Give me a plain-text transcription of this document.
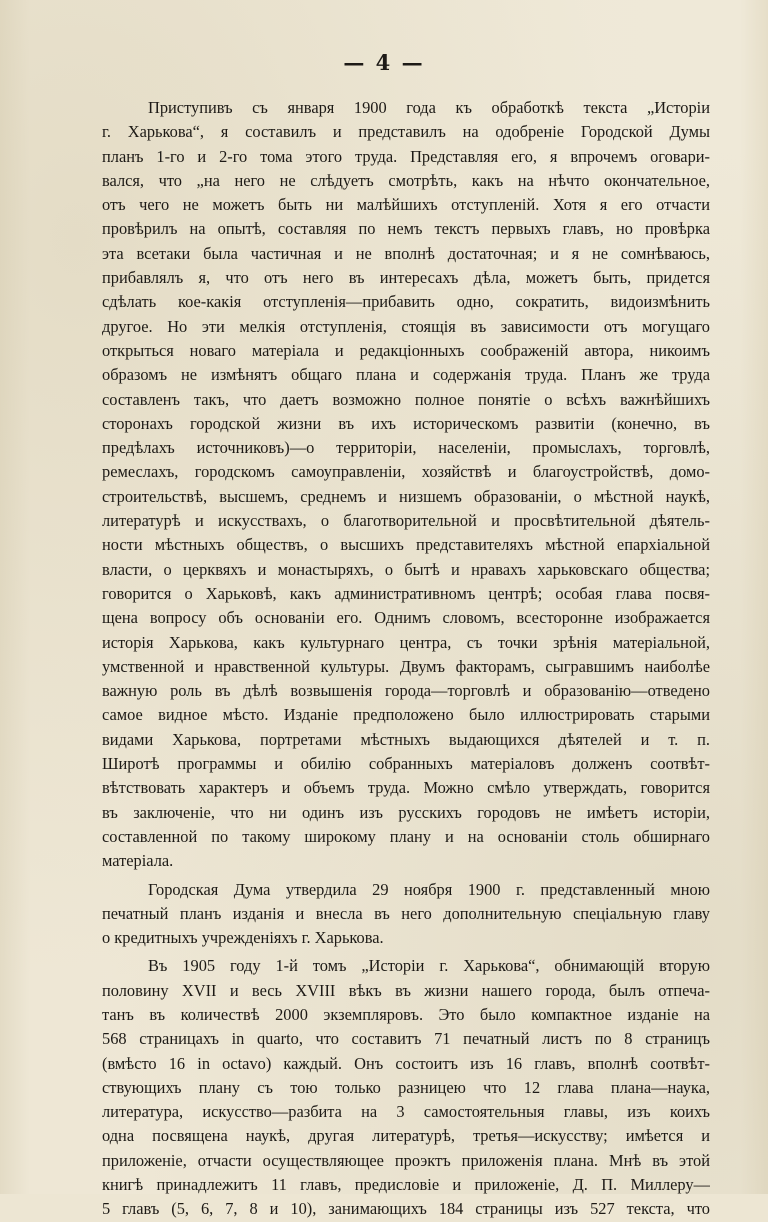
— 4 —
Приступивъ съ января 1900 года къ обработкѣ текста „Исторіи
г. Харькова“, я составилъ и представилъ на одобреніе Городской Думы
планъ 1-го и 2-го тома этого труда. Представляя его, я впрочемъ оговари-
вался, что „на него не слѣдуетъ смотрѣть, какъ на нѣчто окончательное,
отъ чего не можетъ быть ни малѣйшихъ отступленій. Хотя я его отчасти
провѣрилъ на опытѣ, составляя по немъ текстъ первыхъ главъ, но провѣрка
эта всетаки была частичная и не вполнѣ достаточная; и я не сомнѣваюсь,
прибавлялъ я, что отъ него въ интересахъ дѣла, можетъ быть, придется
сдѣлать кое-какія отступленія—прибавить одно, сократить, видоизмѣнить
другое. Но эти мелкія отступленія, стоящія въ зависимости отъ могущаго
открыться новаго матеріала и редакціонныхъ соображеній автора, никоимъ
образомъ не измѣнятъ общаго плана и содержанія труда. Планъ же труда
составленъ такъ, что даетъ возможно полное понятіе о всѣхъ важнѣйшихъ
сторонахъ городской жизни въ ихъ историческомъ развитіи (конечно, въ
предѣлахъ источниковъ)—о территоріи, населеніи, промыслахъ, торговлѣ,
ремеслахъ, городскомъ самоуправленіи, хозяйствѣ и благоустройствѣ, домо-
строительствѣ, высшемъ, среднемъ и низшемъ образованіи, о мѣстной наукѣ,
литературѣ и искусствахъ, о благотворительной и просвѣтительной дѣятель-
ности мѣстныхъ обществъ, о высшихъ представителяхъ мѣстной епархіальной
власти, о церквяхъ и монастыряхъ, о бытѣ и нравахъ харьковскаго общества;
говорится о Харьковѣ, какъ административномъ центрѣ; особая глава посвя-
щена вопросу объ основаніи его. Однимъ словомъ, всесторонне изображается
исторія Харькова, какъ культурнаго центра, съ точки зрѣнія матеріальной,
умственной и нравственной культуры. Двумъ факторамъ, сыгравшимъ наиболѣе
важную роль въ дѣлѣ возвышенія города—торговлѣ и образованію—отведено
самое видное мѣсто. Изданіе предположено было иллюстрировать старыми
видами Харькова, портретами мѣстныхъ выдающихся дѣятелей и т. п.
Широтѣ программы и обилію собранныхъ матеріаловъ долженъ соотвѣт-
вѣтствовать характеръ и объемъ труда. Можно смѣло утверждать, говорится
въ заключеніе, что ни одинъ изъ русскихъ городовъ не имѣетъ исторіи,
составленной по такому широкому плану и на основаніи столь обширнаго
матеріала.
Городская Дума утвердила 29 ноября 1900 г. представленный мною
печатный планъ изданія и внесла въ него дополнительную спеціальную главу
о кредитныхъ учрежденіяхъ г. Харькова.
Въ 1905 году 1-й томъ „Исторіи г. Харькова“, обнимающій вторую
половину XVII и весь XVIII вѣкъ въ жизни нашего города, былъ отпеча-
танъ въ количествѣ 2000 экземпляровъ. Это было компактное изданіе на
568 страницахъ in quarto, что составитъ 71 печатный листъ по 8 страницъ
(вмѣсто 16 in octavo) каждый. Онъ состоитъ изъ 16 главъ, вполнѣ соотвѣт-
ствующихъ плану съ тою только разницею что 12 глава плана—наука,
литература, искусство—разбита на 3 самостоятельныя главы, изъ коихъ
одна посвящена наукѣ, другая литературѣ, третья—искусству; имѣется и
приложеніе, отчасти осуществляющее проэктъ приложенія плана. Мнѣ въ этой
книгѣ принадлежитъ 11 главъ, предисловіе и приложеніе, Д. П. Миллеру—
5 главъ (5, 6, 7, 8 и 10), занимающихъ 184 страницы изъ 527 текста, что
